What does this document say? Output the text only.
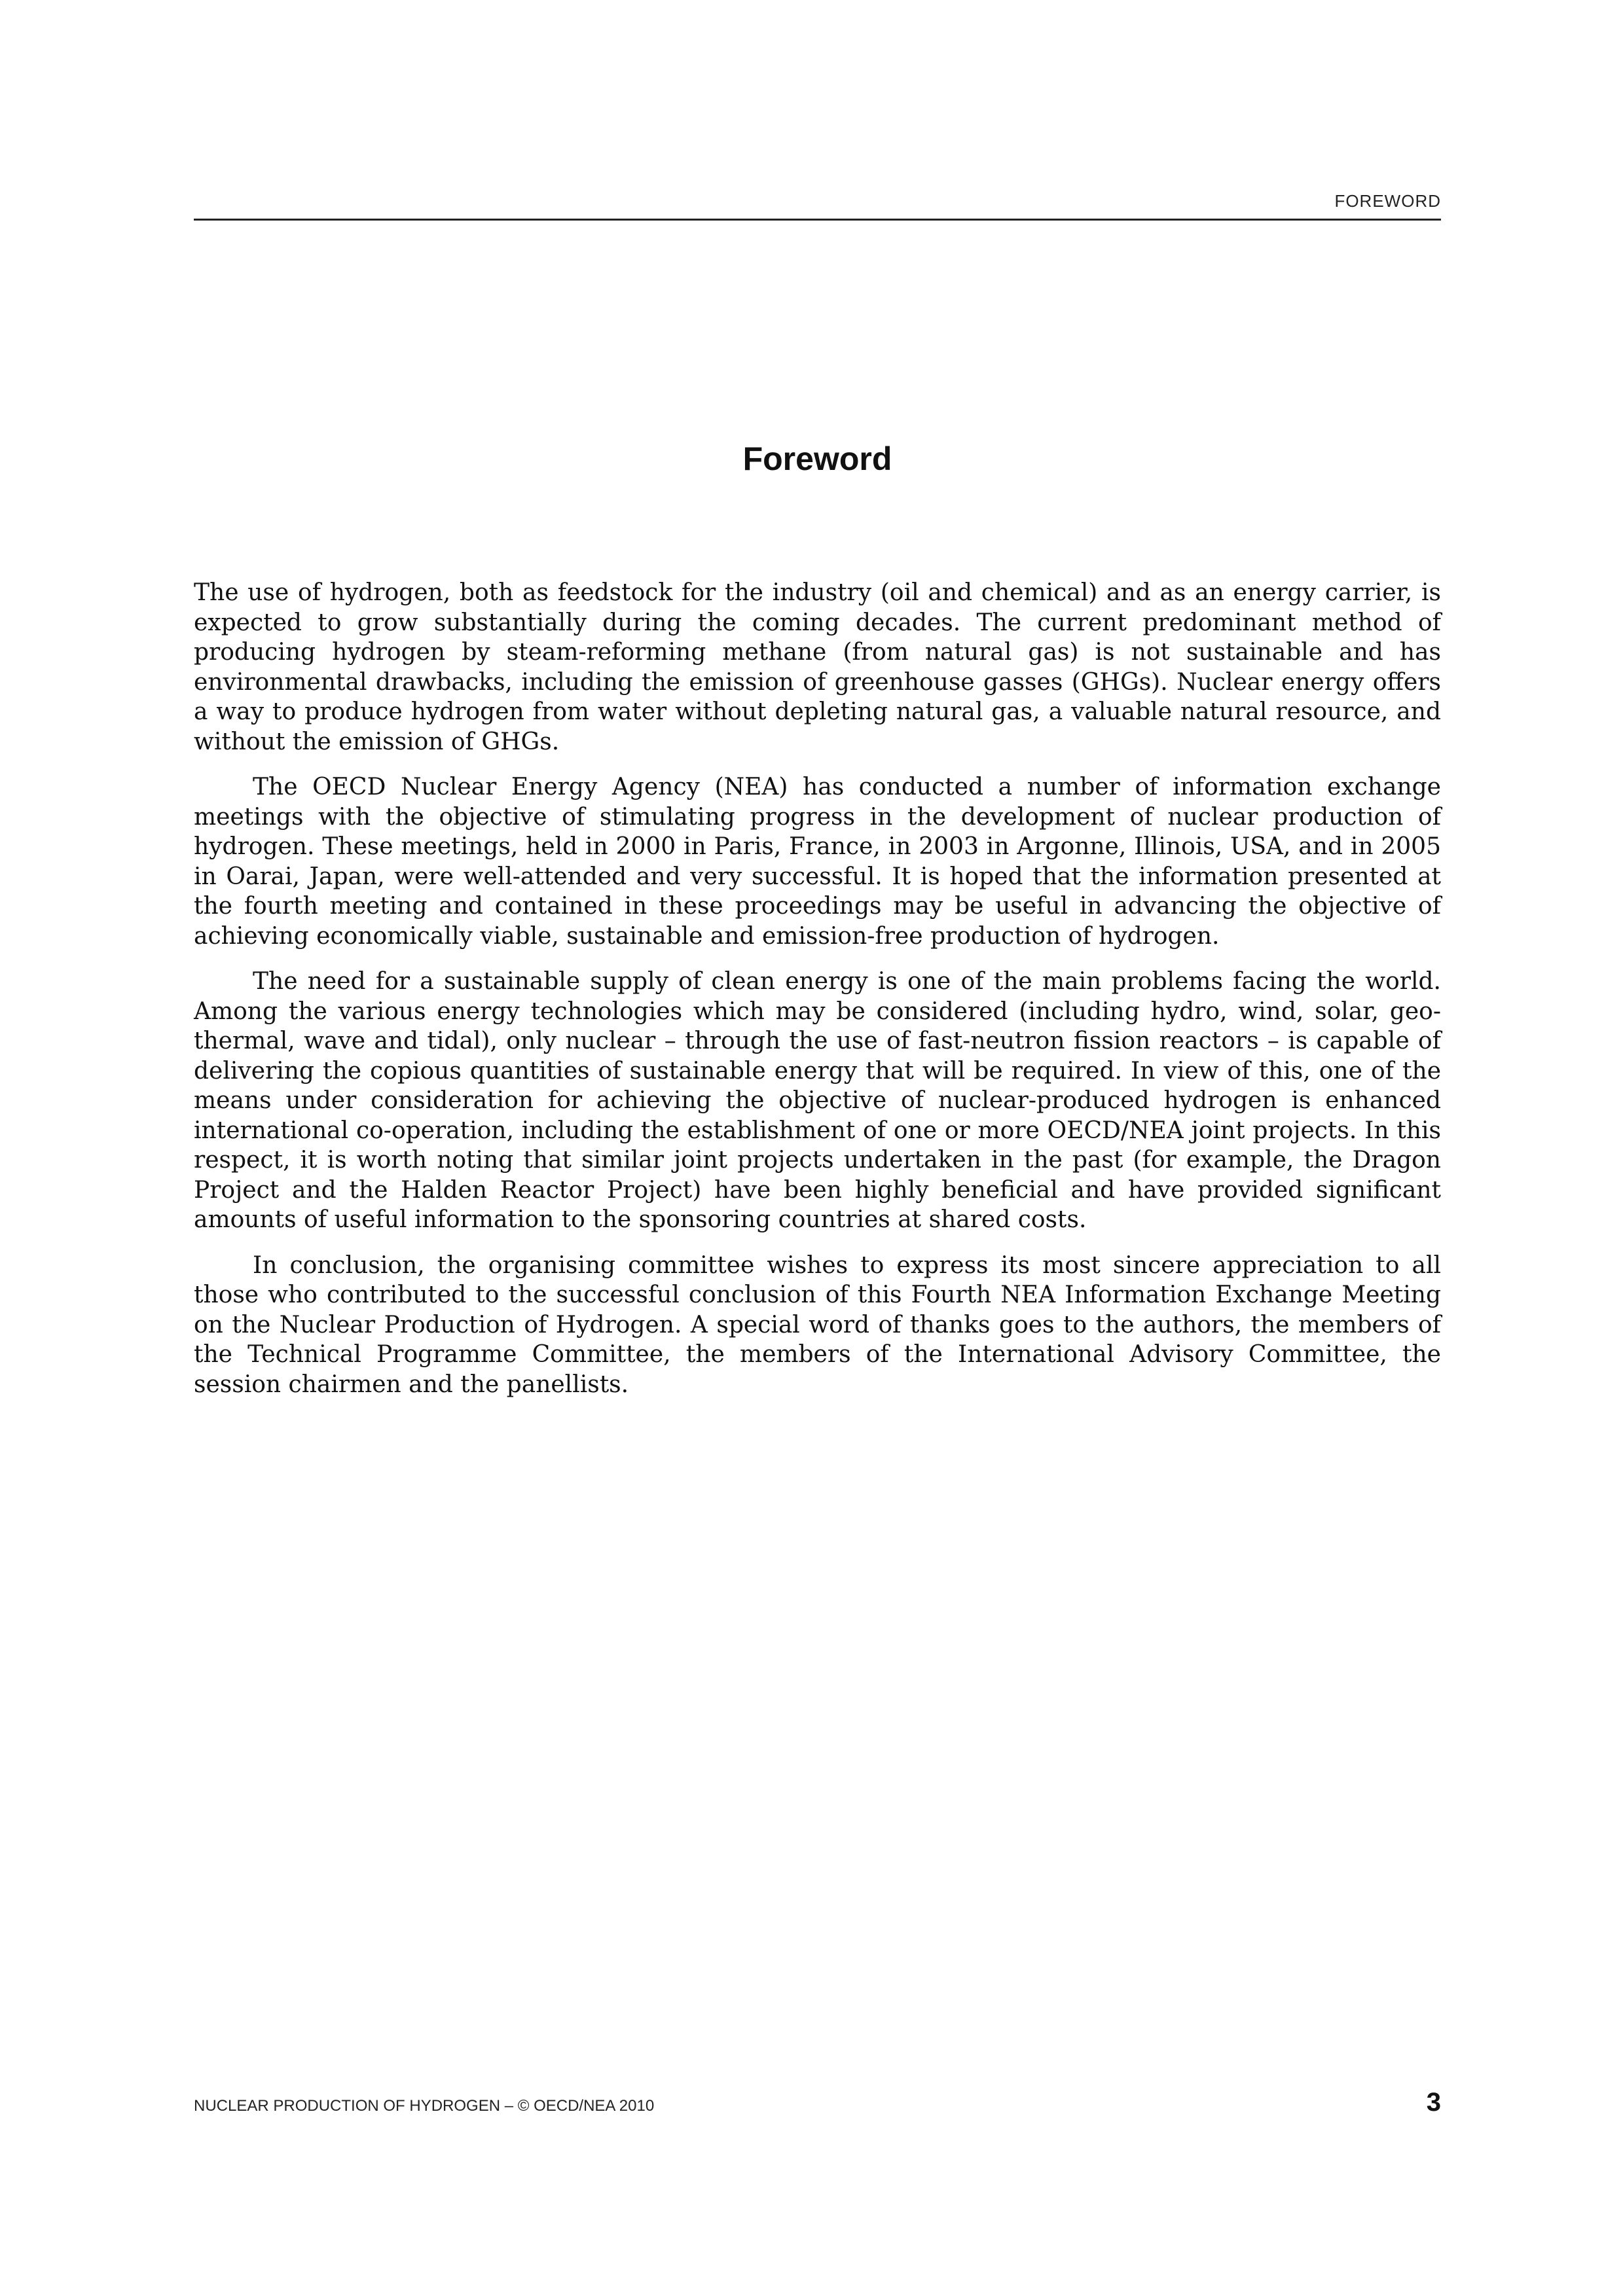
FOREWORD
Foreword

The use of hydrogen, both as feedstock for the industry (oil and chemical) and as an energy carrier, is expected to grow substantially during the coming decades. The current predominant method of producing hydrogen by steam-reforming methane (from natural gas) is not sustainable and has environmental drawbacks, including the emission of greenhouse gasses (GHGs). Nuclear energy offers a way to produce hydrogen from water without depleting natural gas, a valuable natural resource, and without the emission of GHGs.

The OECD Nuclear Energy Agency (NEA) has conducted a number of information exchange meetings with the objective of stimulating progress in the development of nuclear production of hydrogen. These meetings, held in 2000 in Paris, France, in 2003 in Argonne, Illinois, USA, and in 2005 in Oarai, Japan, were well-attended and very successful. It is hoped that the information presented at the fourth meeting and contained in these proceedings may be useful in advancing the objective of achieving economically viable, sustainable and emission-free production of hydrogen.

The need for a sustainable supply of clean energy is one of the main problems facing the world. Among the various energy technologies which may be considered (including hydro, wind, solar, geo-thermal, wave and tidal), only nuclear – through the use of fast-neutron fission reactors – is capable of delivering the copious quantities of sustainable energy that will be required. In view of this, one of the means under consideration for achieving the objective of nuclear-produced hydrogen is enhanced international co-operation, including the establishment of one or more OECD/NEA joint projects. In this respect, it is worth noting that similar joint projects undertaken in the past (for example, the Dragon Project and the Halden Reactor Project) have been highly beneficial and have provided significant amounts of useful information to the sponsoring countries at shared costs.

In conclusion, the organising committee wishes to express its most sincere appreciation to all those who contributed to the successful conclusion of this Fourth NEA Information Exchange Meeting on the Nuclear Production of Hydrogen. A special word of thanks goes to the authors, the members of the Technical Programme Committee, the members of the International Advisory Committee, the session chairmen and the panellists.

NUCLEAR PRODUCTION OF HYDROGEN – © OECD/NEA 2010	3
